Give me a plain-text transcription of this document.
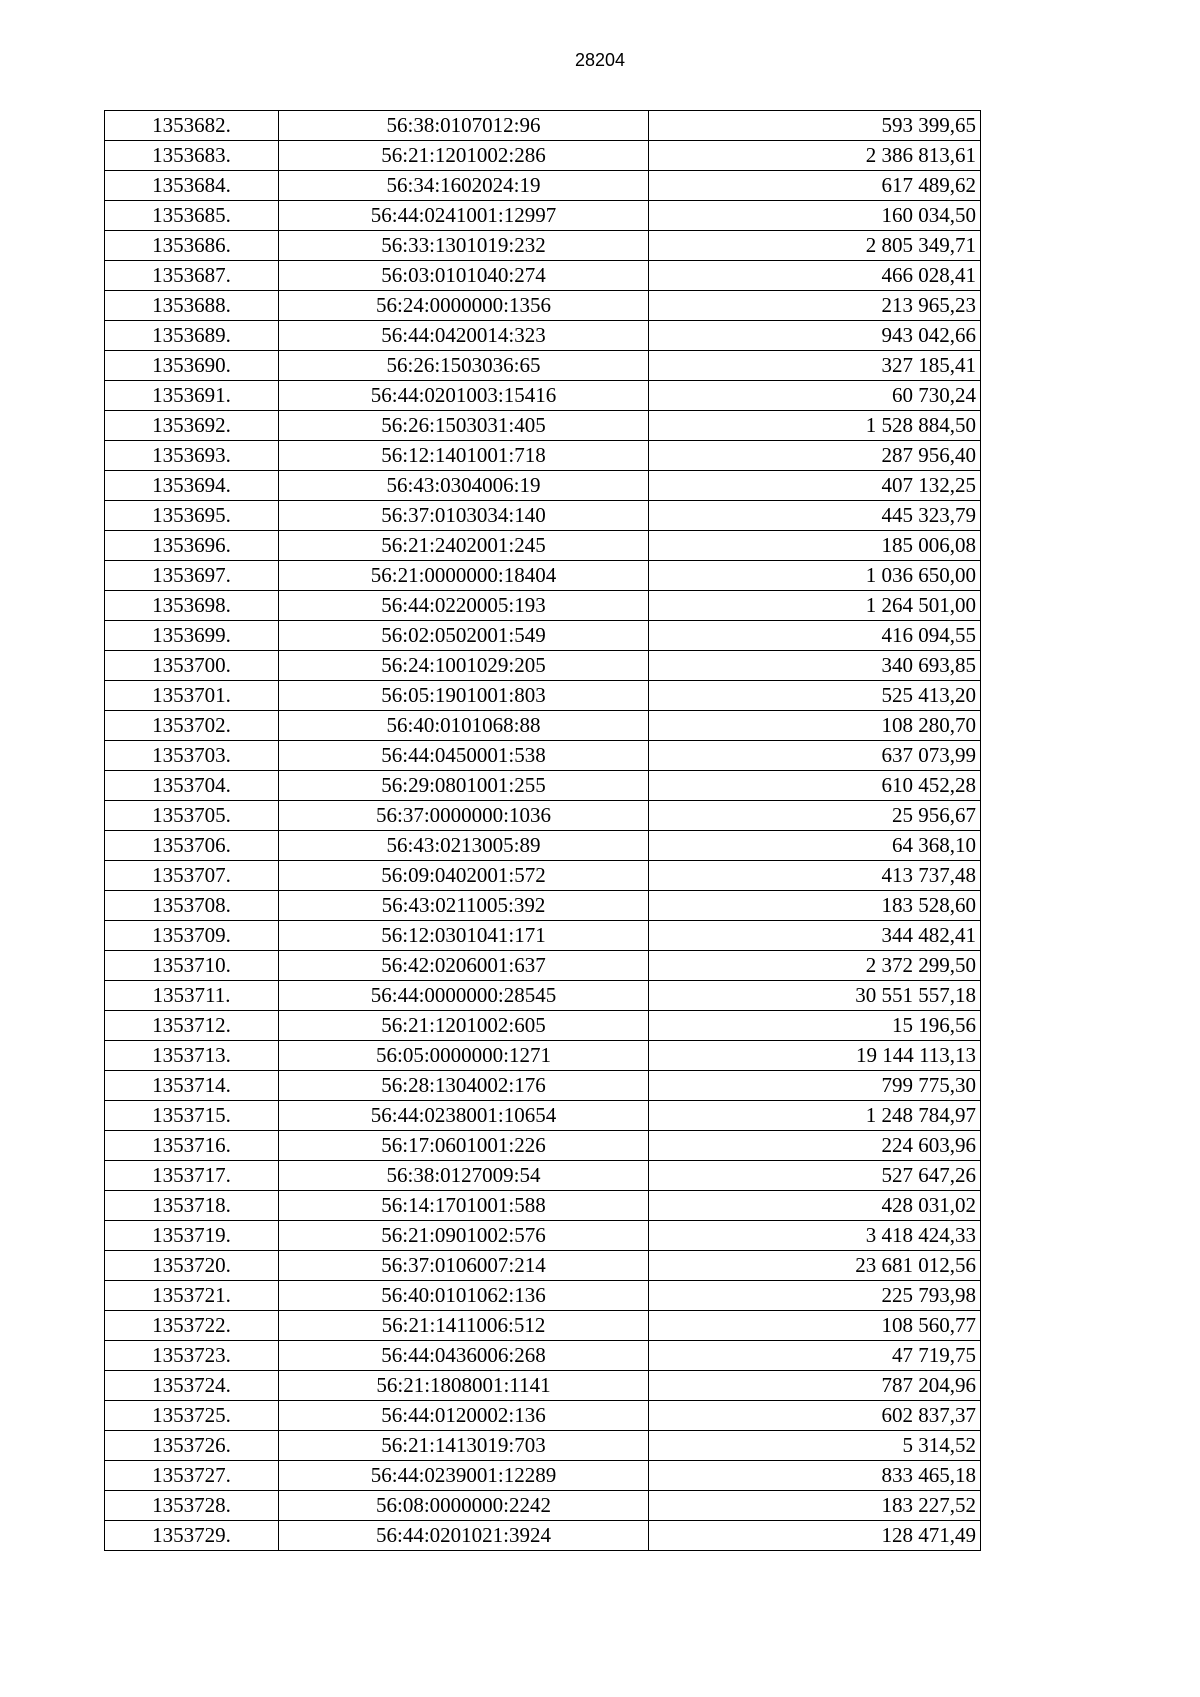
28204
1353682.	56:38:0107012:96	593 399,65
1353683.	56:21:1201002:286	2 386 813,61
1353684.	56:34:1602024:19	617 489,62
1353685.	56:44:0241001:12997	160 034,50
1353686.	56:33:1301019:232	2 805 349,71
1353687.	56:03:0101040:274	466 028,41
1353688.	56:24:0000000:1356	213 965,23
1353689.	56:44:0420014:323	943 042,66
1353690.	56:26:1503036:65	327 185,41
1353691.	56:44:0201003:15416	60 730,24
1353692.	56:26:1503031:405	1 528 884,50
1353693.	56:12:1401001:718	287 956,40
1353694.	56:43:0304006:19	407 132,25
1353695.	56:37:0103034:140	445 323,79
1353696.	56:21:2402001:245	185 006,08
1353697.	56:21:0000000:18404	1 036 650,00
1353698.	56:44:0220005:193	1 264 501,00
1353699.	56:02:0502001:549	416 094,55
1353700.	56:24:1001029:205	340 693,85
1353701.	56:05:1901001:803	525 413,20
1353702.	56:40:0101068:88	108 280,70
1353703.	56:44:0450001:538	637 073,99
1353704.	56:29:0801001:255	610 452,28
1353705.	56:37:0000000:1036	25 956,67
1353706.	56:43:0213005:89	64 368,10
1353707.	56:09:0402001:572	413 737,48
1353708.	56:43:0211005:392	183 528,60
1353709.	56:12:0301041:171	344 482,41
1353710.	56:42:0206001:637	2 372 299,50
1353711.	56:44:0000000:28545	30 551 557,18
1353712.	56:21:1201002:605	15 196,56
1353713.	56:05:0000000:1271	19 144 113,13
1353714.	56:28:1304002:176	799 775,30
1353715.	56:44:0238001:10654	1 248 784,97
1353716.	56:17:0601001:226	224 603,96
1353717.	56:38:0127009:54	527 647,26
1353718.	56:14:1701001:588	428 031,02
1353719.	56:21:0901002:576	3 418 424,33
1353720.	56:37:0106007:214	23 681 012,56
1353721.	56:40:0101062:136	225 793,98
1353722.	56:21:1411006:512	108 560,77
1353723.	56:44:0436006:268	47 719,75
1353724.	56:21:1808001:1141	787 204,96
1353725.	56:44:0120002:136	602 837,37
1353726.	56:21:1413019:703	5 314,52
1353727.	56:44:0239001:12289	833 465,18
1353728.	56:08:0000000:2242	183 227,52
1353729.	56:44:0201021:3924	128 471,49
